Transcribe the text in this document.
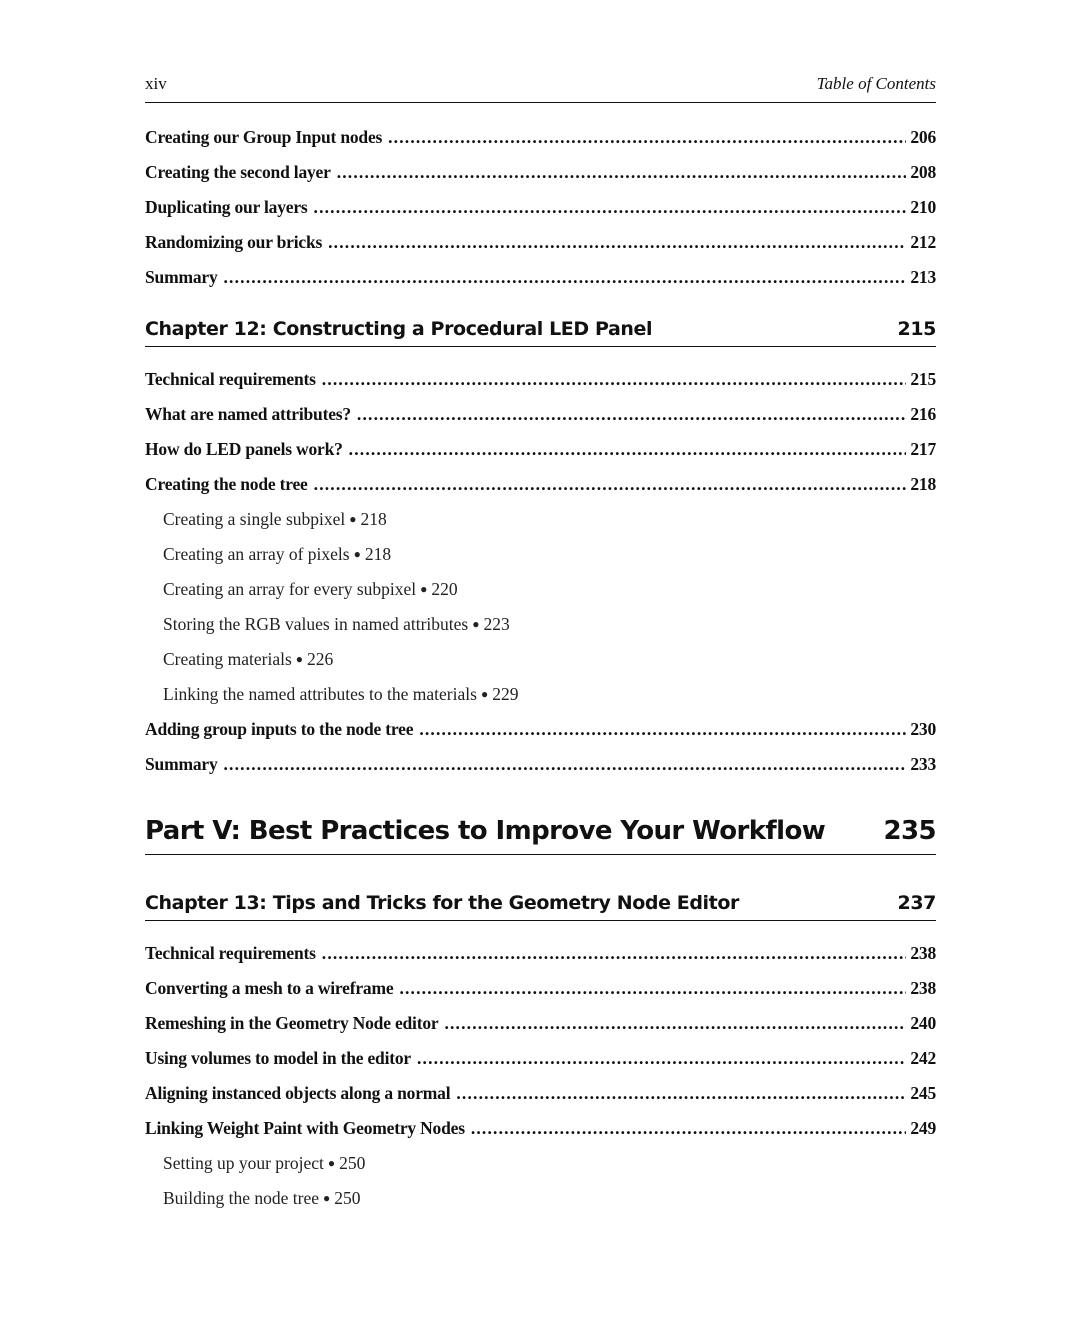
xiv	Table of Contents
Creating our Group Input nodes . . .	206
Creating the second layer . . .	208
Duplicating our layers . . .	210
Randomizing our bricks . . .	212
Summary . . .	213
Chapter 12: Constructing a Procedural LED Panel	215
Technical requirements . . .	215
What are named attributes? . . .	216
How do LED panels work? . . .	217
Creating the node tree . . .	218
Creating a single subpixel ● 218
Creating an array of pixels ● 218
Creating an array for every subpixel ● 220
Storing the RGB values in named attributes ● 223
Creating materials ● 226
Linking the named attributes to the materials ● 229
Adding group inputs to the node tree . . .	230
Summary . . .	233
Part V: Best Practices to Improve Your Workflow 235
Chapter 13: Tips and Tricks for the Geometry Node Editor	237
Technical requirements . . .	238
Converting a mesh to a wireframe . . .	238
Remeshing in the Geometry Node editor . . .	240
Using volumes to model in the editor . . .	242
Aligning instanced objects along a normal . . .	245
Linking Weight Paint with Geometry Nodes . . .	249
Setting up your project ● 250
Building the node tree ● 250
